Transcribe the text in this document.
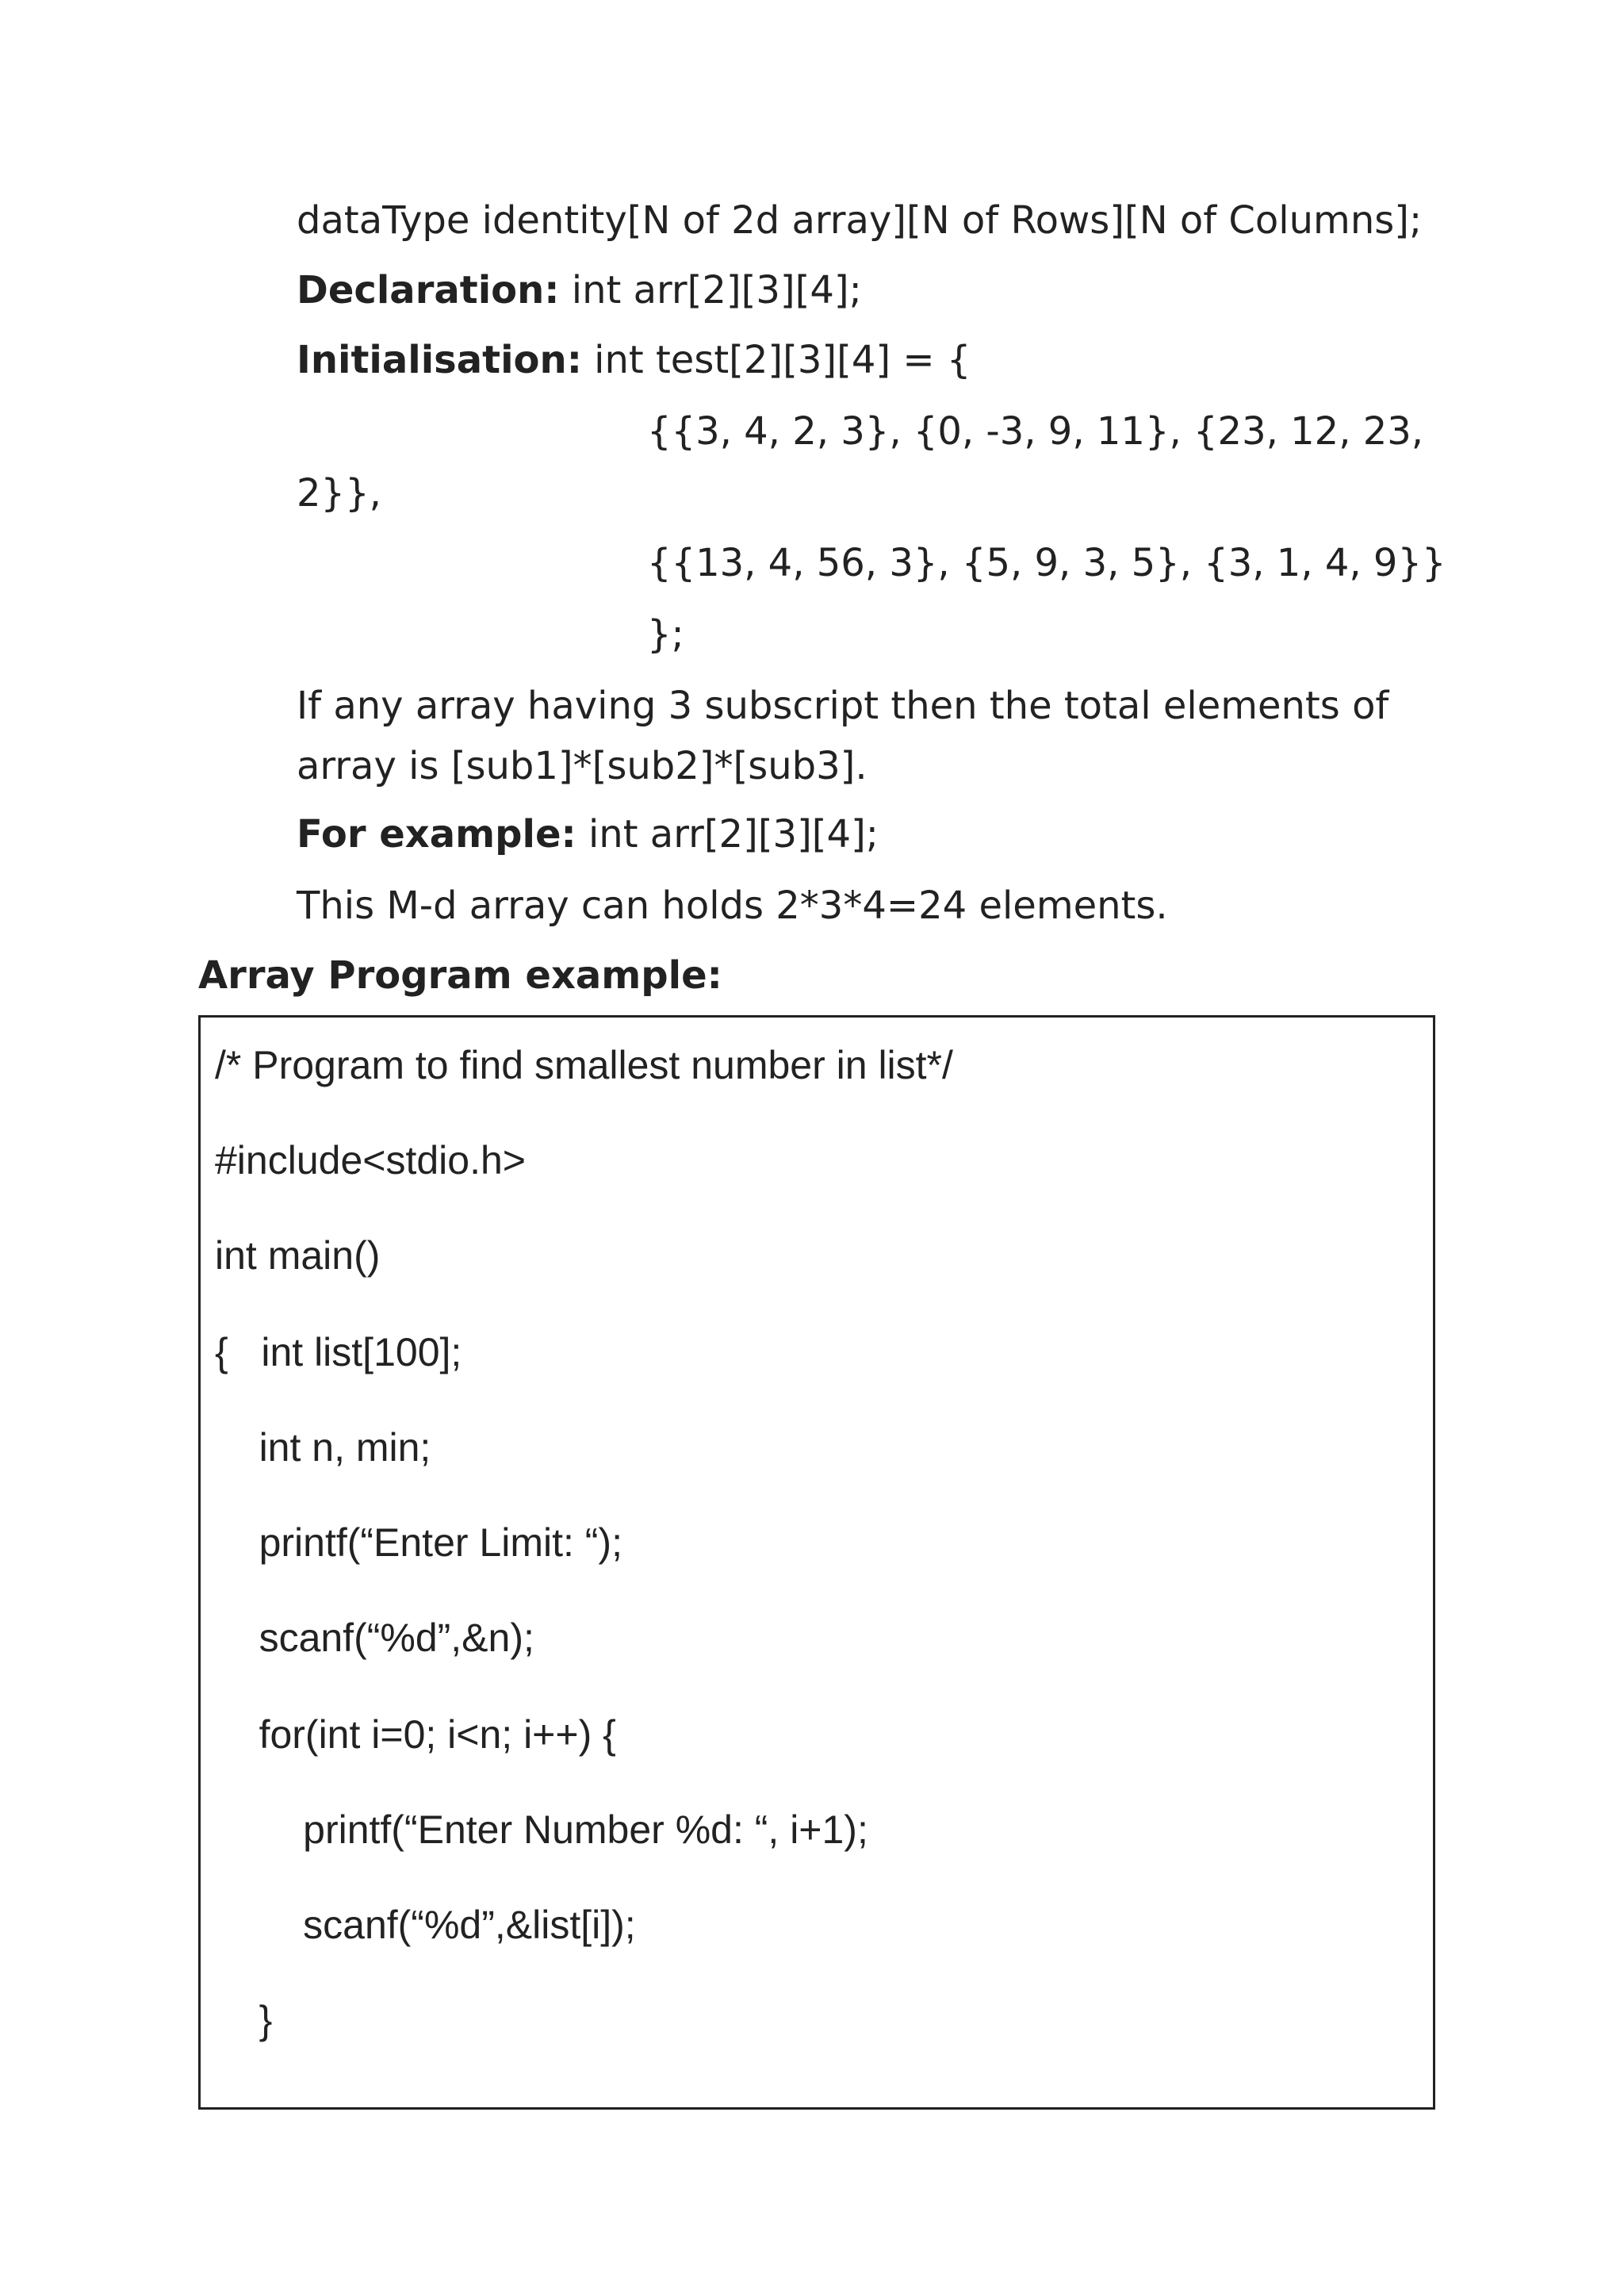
dataType identity[N of 2d array][N of Rows][N of Columns];
Declaration: int arr[2][3][4];
Initialisation: int test[2][3][4] = {
{{3, 4, 2, 3}, {0, -3, 9, 11}, {23, 12, 23,
2}},
{{13, 4, 56, 3}, {5, 9, 3, 5}, {3, 1, 4, 9}}
};
If any array having 3 subscript then the total elements of
array is [sub1]*[sub2]*[sub3].
For example: int arr[2][3][4];
This M-d array can holds 2*3*4=24 elements.
Array Program example:
/* Program to find smallest number in list*/
#include<stdio.h>
int main()
{   int list[100];
int n, min;
printf(“Enter Limit: “);
scanf(“%d”,&n);
for(int i=0; i<n; i++) {
printf(“Enter Number %d: “, i+1);
scanf(“%d”,&list[i]);
}
